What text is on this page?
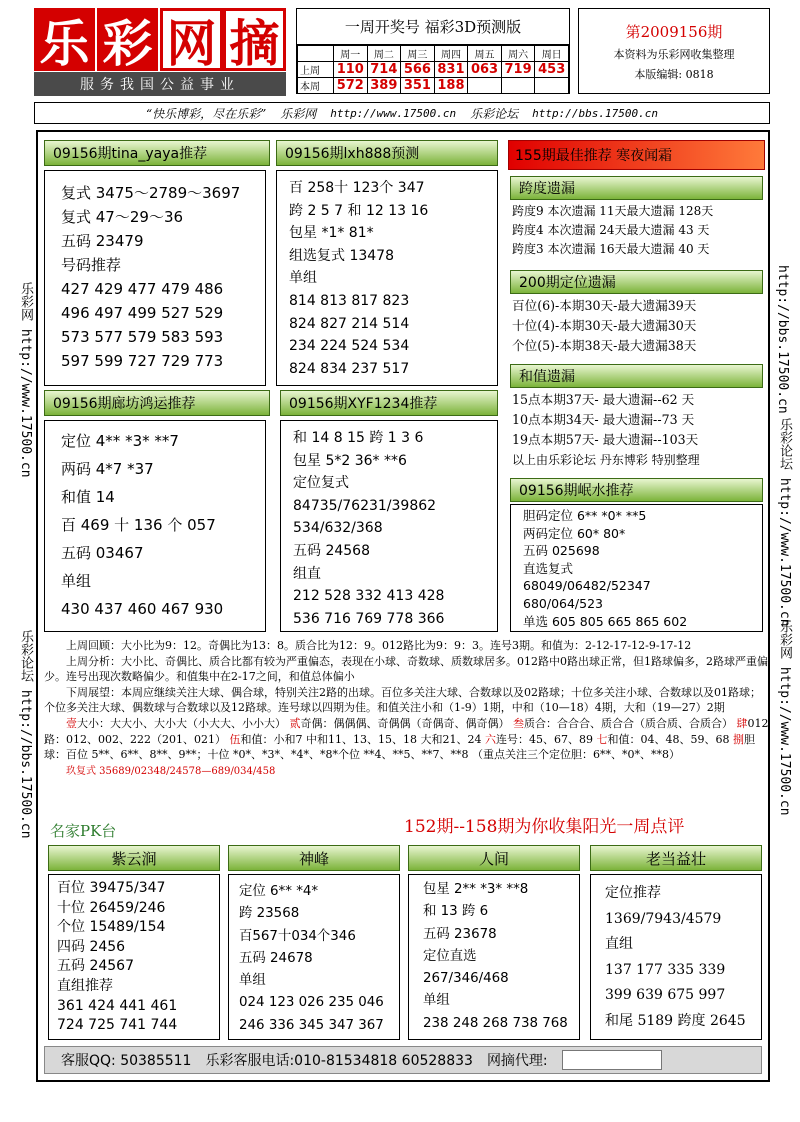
乐 彩 网 摘
服务我国公益事业
一周开奖号 福彩3D预测版
	周一	周二	周三	周四	周五	周六	周日
上周	110	714	566	831	063	719	453
本周	572	389	351	188			
第2009156期
本资料为乐彩网收集整理
本版编辑: 0818
“快乐博彩，尽在乐彩” 乐彩网 http://www.17500.cn 乐彩论坛 http://bbs.17500.cn
乐彩网 http://www.17500.cn
乐彩论坛 http://bbs.17500.cn
http://bbs.17500.cn
乐彩论坛 http://www.17500.cn
乐彩网 http://www.17500.cn
09156期tina_yaya推荐
复式 3475～2789～3697
复式 47～29～36
五码 23479
号码推荐
427 429 477 479 486
496 497 499 527 529
573 577 579 583 593
597 599 727 729 773
09156期lxh888预测
百 258十 123个 347
跨 2 5 7 和 12 13 16
包星 *1* 81*
组选复式 13478
单组
814 813 817 823
824 827 214 514
234 224 524 534
824 834 237 517
09156期廊坊鸿运推荐
定位 4** *3* **7
两码 4*7 *37
和值 14
百 469 十 136 个 057
五码 03467
单组
430 437 460 467 930
09156期XYF1234推荐
和 14 8 15 跨 1 3 6
包星 5*2 36* **6
定位复式
84735/76231/39862
534/632/368
五码 24568
组直
212 528 332 413 428
536 716 769 778 366
155期最佳推荐 寒夜闻霜
跨度遗漏
跨度9 本次遗漏 11天最大遗漏 128天
跨度4 本次遗漏 24天最大遗漏 43 天
跨度3 本次遗漏 16天最大遗漏 40 天
200期定位遗漏
百位(6)-本期30天-最大遗漏39天
十位(4)-本期30天-最大遗漏30天
个位(5)-本期38天-最大遗漏38天
和值遗漏
15点本期37天- 最大遗漏--62 天
10点本期34天- 最大遗漏--73 天
19点本期57天- 最大遗漏--103天
以上由乐彩论坛 丹东博彩 特别整理
09156期岷水推荐
胆码定位 6** *0* **5
两码定位 60* 80*
五码 025698
直选复式
68049/06482/52347
680/064/523
单选 605 805 665 865 602

上周回顾：大小比为9：12。奇偶比为13：8。质合比为12：9。012路比为9：9：3。连号3期。和值为：2-12-17-12-9-17-12

上周分析：大小比、奇偶比、质合比都有较为严重偏态，表现在小球、奇数球、质数球居多。012路中0路出球正常，但1路球偏多，2路球严重偏少。连号出现次数略偏少。和值集中在2-17之间，和值总体偏小

下周展望：本周应继续关注大球、偶合球，特别关注2路的出球。百位多关注大球、合数球以及02路球；十位多关注小球、合数球以及01路球；个位多关注大球、偶数球与合数球以及12路球。连号球以四期为佳。和值关注小和（1-9）1期，中和（10—18）4期，大和（19—27）2期

壹大小：大大小、大小大（小大大、小小大） 贰奇偶：偶偶偶、奇偶偶（奇偶奇、偶奇偶） 叁质合：合合合、质合合（质合质、合质合） 肆012路：012、002、222（201、021） 伍和值：小和7 中和11、13、15、18 大和21、24 六连号：45、67、89 七和值：04、48、59、68 捌胆球：百位 5**、6**、8**、9**；十位 *0*、*3*、*4*、*8*个位 **4、**5、**7、**8 （重点关注三个定位胆：6**、*0*、**8）

玖复式 35689/02348/24578—689/034/458

名家PK台	152期--158期为你收集阳光一周点评
紫云涧
百位 39475/347
十位 26459/246
个位 15489/154
四码 2456
五码 24567
直组推荐
361 424 441 461
724 725 741 744
神峰
定位 6** *4*
跨 23568
百567十034个346
五码 24678
单组
024 123 026 235 046
246 336 345 347 367
人间
包星 2** *3* **8
和 13 跨 6
五码 23678
定位直选
267/346/468
单组
238 248 268 738 768
老当益壮
定位推荐
1369/7943/4579
直组
137 177 335 339
399 639 675 997
和尾 5189 跨度 2645
客服QQ: 50385511 乐彩客服电话:010-81534818 60528833 网摘代理:
